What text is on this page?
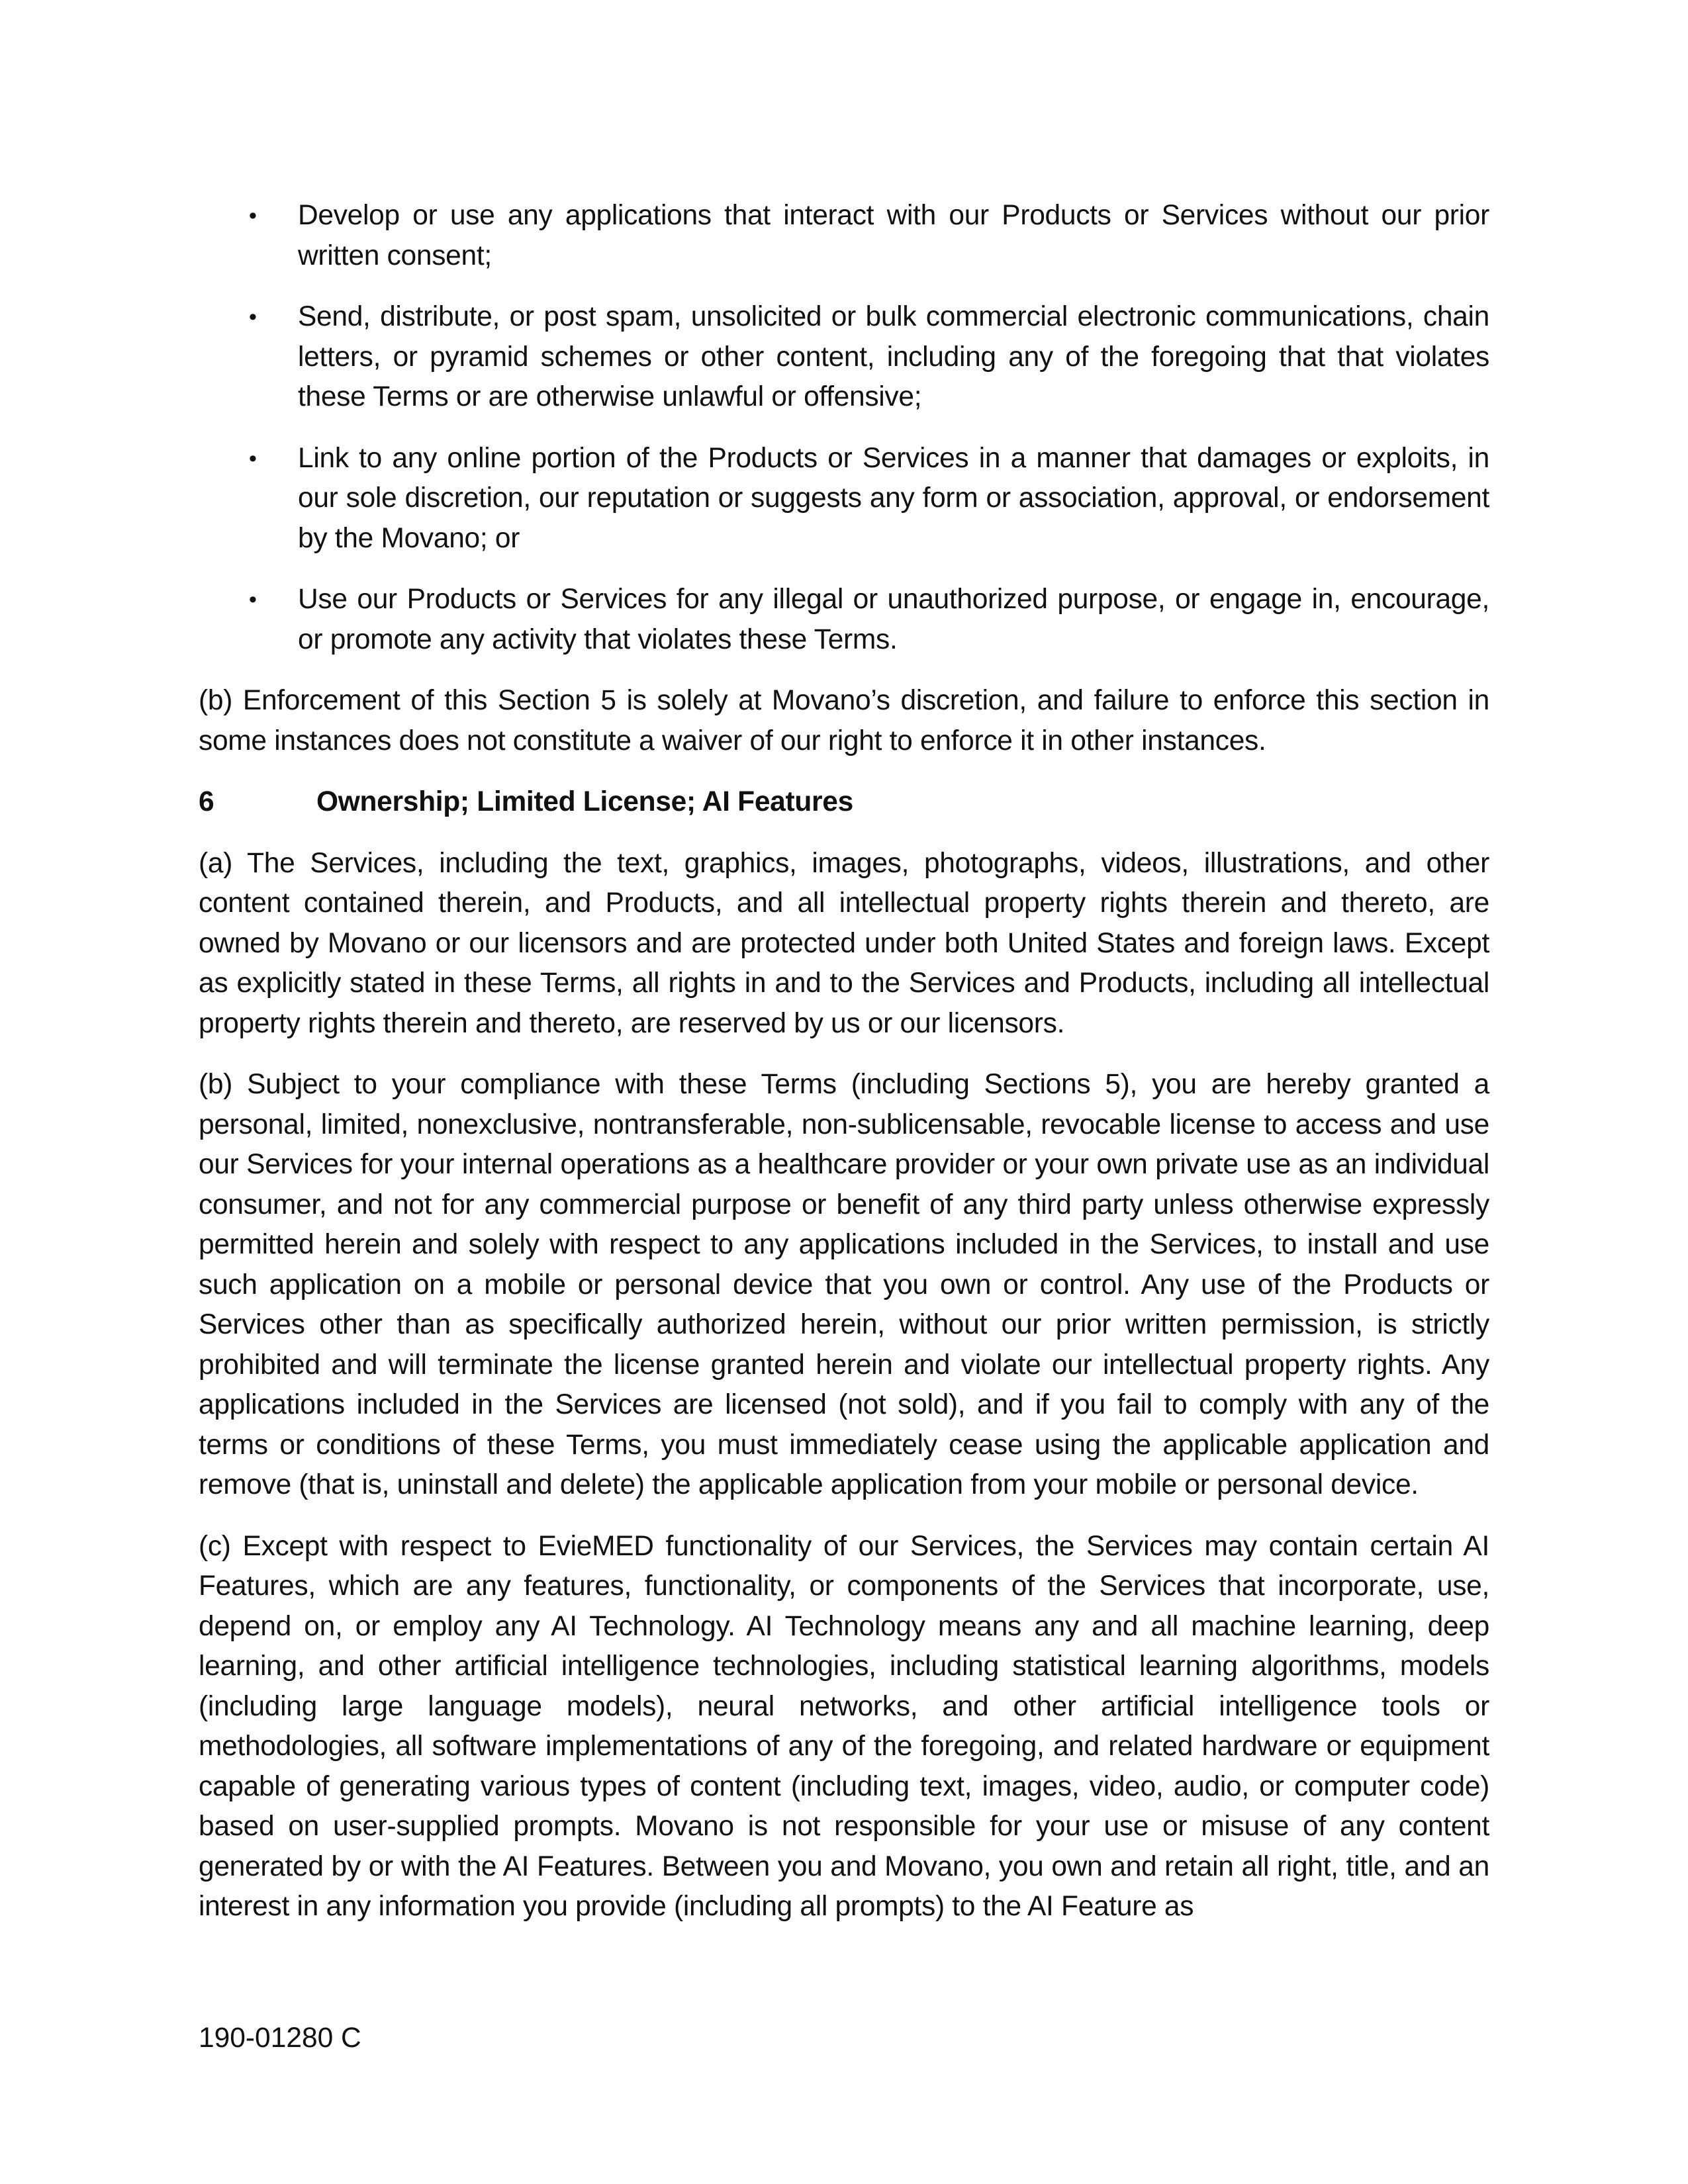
• Develop or use any applications that interact with our Products or Services without our prior written consent;
• Send, distribute, or post spam, unsolicited or bulk commercial electronic communications, chain letters, or pyramid schemes or other content, including any of the foregoing that that violates these Terms or are otherwise unlawful or offensive;
• Link to any online portion of the Products or Services in a manner that damages or exploits, in our sole discretion, our reputation or suggests any form or association, approval, or endorsement by the Movano; or
• Use our Products or Services for any illegal or unauthorized purpose, or engage in, encourage, or promote any activity that violates these Terms.

(b) Enforcement of this Section 5 is solely at Movano’s discretion, and failure to enforce this section in some instances does not constitute a waiver of our right to enforce it in other instances.

6	Ownership; Limited License; AI Features

(a) The Services, including the text, graphics, images, photographs, videos, illustrations, and other content contained therein, and Products, and all intellectual property rights therein and thereto, are owned by Movano or our licensors and are protected under both United States and foreign laws. Except as explicitly stated in these Terms, all rights in and to the Services and Products, including all intellectual property rights therein and thereto, are reserved by us or our licensors.

(b) Subject to your compliance with these Terms (including Sections 5), you are hereby granted a personal, limited, nonexclusive, nontransferable, non-sublicensable, revocable license to access and use our Services for your internal operations as a healthcare provider or your own private use as an individual consumer, and not for any commercial purpose or benefit of any third party unless otherwise expressly permitted herein and solely with respect to any applications included in the Services, to install and use such application on a mobile or personal device that you own or control. Any use of the Products or Services other than as specifically authorized herein, without our prior written permission, is strictly prohibited and will terminate the license granted herein and violate our intellectual property rights. Any applications included in the Services are licensed (not sold), and if you fail to comply with any of the terms or conditions of these Terms, you must immediately cease using the applicable application and remove (that is, uninstall and delete) the applicable application from your mobile or personal device.

(c) Except with respect to EvieMED functionality of our Services, the Services may contain certain AI Features, which are any features, functionality, or components of the Services that incorporate, use, depend on, or employ any AI Technology. AI Technology means any and all machine learning, deep learning, and other artificial intelligence technologies, including statistical learning algorithms, models (including large language models), neural networks, and other artificial intelligence tools or methodologies, all software implementations of any of the foregoing, and related hardware or equipment capable of generating various types of content (including text, images, video, audio, or computer code) based on user-supplied prompts. Movano is not responsible for your use or misuse of any content generated by or with the AI Features. Between you and Movano, you own and retain all right, title, and an interest in any information you provide (including all prompts) to the AI Feature as

190-01280 C
